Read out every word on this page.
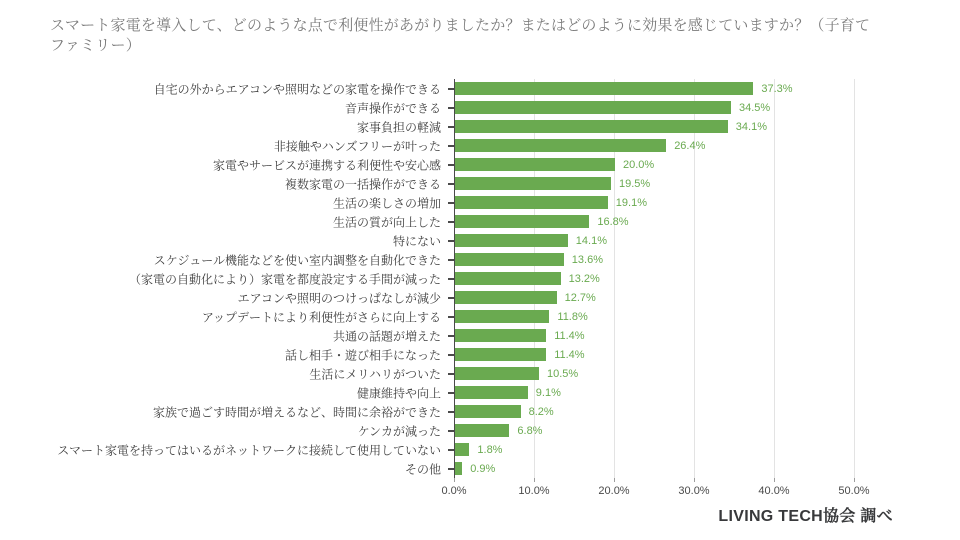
スマート家電を導入して、どのような点で利便性があがりましたか？またはどのように効果を感じていますか？（子育てファミリー）
自宅の外からエアコンや照明などの家電を操作できる	37.3%
音声操作ができる	34.5%
家事負担の軽減	34.1%
非接触やハンズフリーが叶った	26.4%
家電やサービスが連携する利便性や安心感	20.0%
複数家電の一括操作ができる	19.5%
生活の楽しさの増加	19.1%
生活の質が向上した	16.8%
特にない	14.1%
スケジュール機能などを使い室内調整を自動化できた	13.6%
（家電の自動化により）家電を都度設定する手間が減った	13.2%
エアコンや照明のつけっぱなしが減少	12.7%
アップデートにより利便性がさらに向上する	11.8%
共通の話題が増えた	11.4%
話し相手・遊び相手になった	11.4%
生活にメリハリがついた	10.5%
健康維持や向上	9.1%
家族で過ごす時間が増えるなど、時間に余裕ができた	8.2%
ケンカが減った	6.8%
スマート家電を持ってはいるがネットワークに接続して使用していない	1.8%
その他	0.9%
0.0%	10.0%	20.0%	30.0%	40.0%	50.0%
LIVING TECH協会 調べ
